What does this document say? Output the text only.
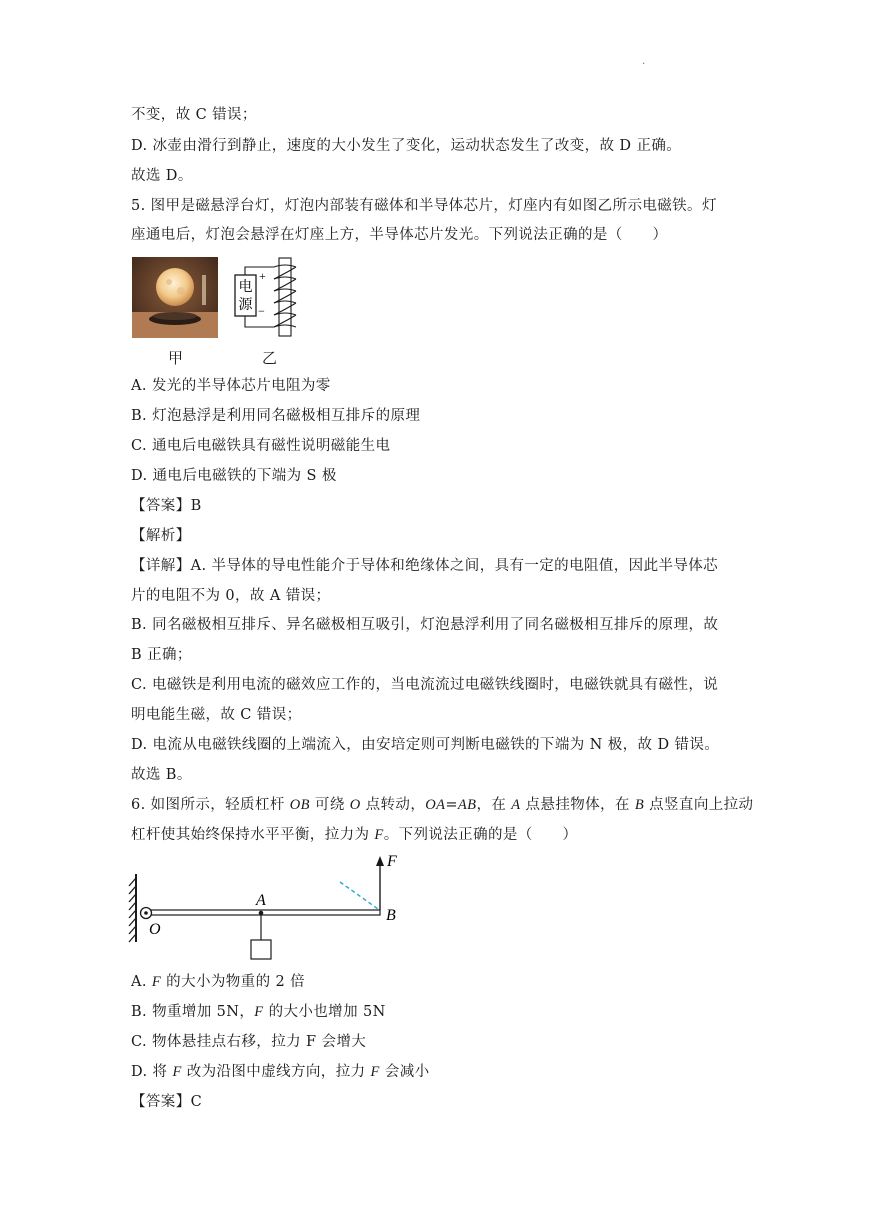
.
不变，故 C 错误；
D. 冰壶由滑行到静止，速度的大小发生了变化，运动状态发生了改变，故 D 正确。
故选 D。
5. 图甲是磁悬浮台灯，灯泡内部装有磁体和半导体芯片，灯座内有如图乙所示电磁铁。灯
座通电后，灯泡会悬浮在灯座上方，半导体芯片发光。下列说法正确的是（　　）
电
源
+
−
甲	乙
A. 发光的半导体芯片电阻为零
B. 灯泡悬浮是利用同名磁极相互排斥的原理
C. 通电后电磁铁具有磁性说明磁能生电
D. 通电后电磁铁的下端为 S 极
【答案】B
【解析】
【详解】A. 半导体的导电性能介于导体和绝缘体之间，具有一定的电阻值，因此半导体芯
片的电阻不为 0，故 A 错误；
B. 同名磁极相互排斥、异名磁极相互吸引，灯泡悬浮利用了同名磁极相互排斥的原理，故
B 正确；
C. 电磁铁是利用电流的磁效应工作的，当电流流过电磁铁线圈时，电磁铁就具有磁性，说
明电能生磁，故 C 错误；
D. 电流从电磁铁线圈的上端流入，由安培定则可判断电磁铁的下端为 N 极，故 D 错误。
故选 B。
6. 如图所示，轻质杠杆 OB 可绕 O 点转动，OA=AB，在 A 点悬挂物体，在 B 点竖直向上拉动
杠杆使其始终保持水平平衡，拉力为 F。下列说法正确的是（　　）
F
A
B
O
A. F 的大小为物重的 2 倍
B. 物重增加 5N，F 的大小也增加 5N
C. 物体悬挂点右移，拉力 F 会增大
D. 将 F 改为沿图中虚线方向，拉力 F 会减小
【答案】C
